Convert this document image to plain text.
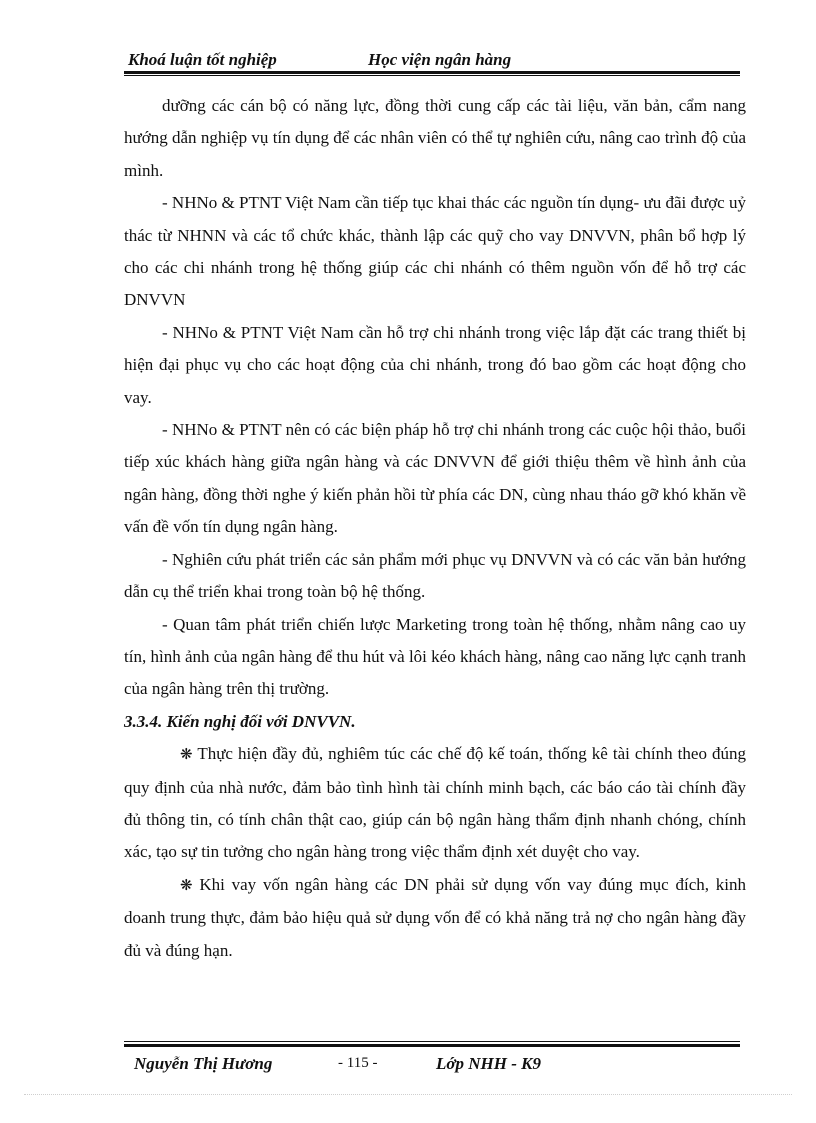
Khoá luận tốt nghiệp	Học viện ngân hàng

dưỡng các cán bộ có năng lực, đồng thời cung cấp các tài liệu, văn bản, cẩm nang hướng dẫn nghiệp vụ tín dụng để các nhân viên có thể tự nghiên cứu, nâng cao trình độ của mình.

- NHNo & PTNT Việt Nam cần tiếp tục khai thác các nguồn tín dụng- ưu đãi được uỷ thác từ NHNN và các tổ chức khác, thành lập các quỹ cho vay DNVVN, phân bổ hợp lý cho các chi nhánh trong hệ thống giúp các chi nhánh có thêm nguồn vốn để hỗ trợ các DNVVN

- NHNo & PTNT Việt Nam cần hỗ trợ chi nhánh trong việc lắp đặt các trang thiết bị hiện đại phục vụ cho các hoạt động của chi nhánh, trong đó bao gồm các hoạt động cho vay.

- NHNo & PTNT nên có các biện pháp hỗ trợ chi nhánh trong các cuộc hội thảo, buổi tiếp xúc khách hàng giữa ngân hàng và các DNVVN để giới thiệu thêm về hình ảnh của ngân hàng, đồng thời nghe ý kiến phản hồi từ phía các DN, cùng nhau tháo gỡ khó khăn về vấn đề vốn tín dụng ngân hàng.

- Nghiên cứu phát triển các sản phẩm mới phục vụ DNVVN và có các văn bản hướng dẫn cụ thể triển khai trong toàn bộ hệ thống.

- Quan tâm phát triển chiến lược Marketing trong toàn hệ thống, nhằm nâng cao uy tín, hình ảnh của ngân hàng để thu hút và lôi kéo khách hàng, nâng cao năng lực cạnh tranh của ngân hàng trên thị trường.

3.3.4. Kiến nghị đối với DNVVN.

❋ Thực hiện đầy đủ, nghiêm túc các chế độ kế toán, thống kê tài chính theo đúng quy định của nhà nước, đảm bảo tình hình tài chính minh bạch, các báo cáo tài chính đầy đủ thông tin, có tính chân thật cao, giúp cán bộ ngân hàng thẩm định nhanh chóng, chính xác, tạo sự tin tưởng cho ngân hàng trong việc thẩm định xét duyệt cho vay.

❋ Khi vay vốn ngân hàng các DN phải sử dụng vốn vay đúng mục đích, kinh doanh trung thực, đảm bảo hiệu quả sử dụng vốn để có khả năng trả nợ cho ngân hàng đầy đủ và đúng hạn.

Nguyễn Thị Hương	- 115 -	Lớp NHH - K9
